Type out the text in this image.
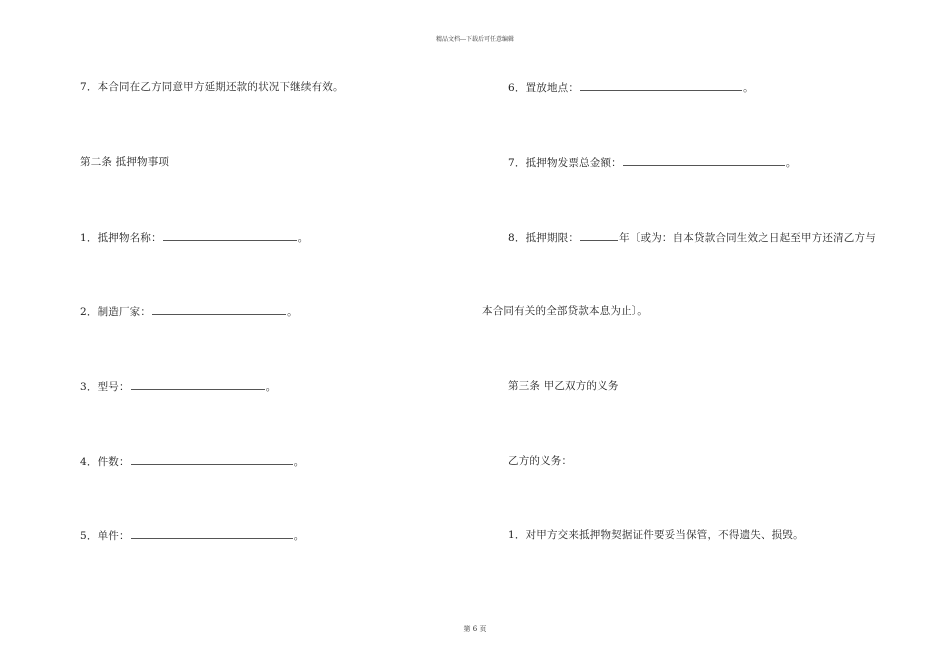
精品文档---下载后可任意编辑
7．本合同在乙方同意甲方延期还款的状况下继续有效。
第二条 抵押物事项
1．抵押物名称：	。
2．制造厂家：	。
3．型号：	。
4．件数：	。
5．单件：	。
6．置放地点：	。
7．抵押物发票总金额：	。
8．抵押期限：	年〔或为：自本贷款合同生效之日起至甲方还清乙方与
本合同有关的全部贷款本息为止〕。
第三条 甲乙双方的义务
乙方的义务：
1．对甲方交来抵押物契据证件要妥当保管，不得遗失、损毁。
第 6 页
